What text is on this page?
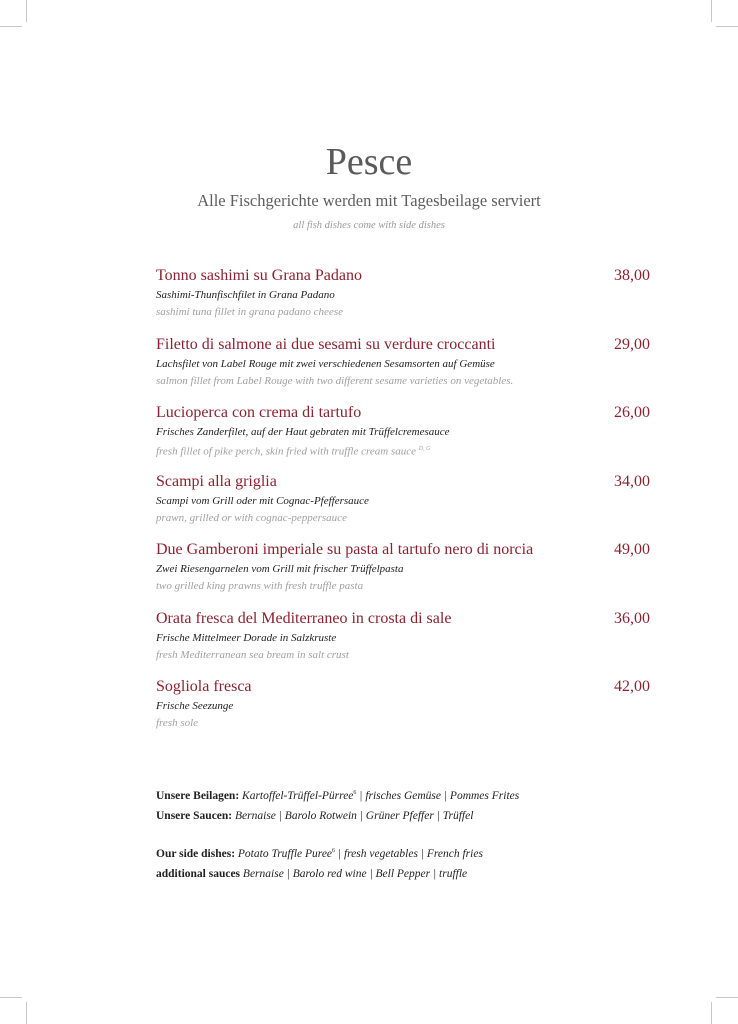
Pesce
Alle Fischgerichte werden mit Tagesbeilage serviert
all fish dishes come with side dishes
Tonno sashimi su Grana Padano	38,00
Sashimi-Thunfischfilet in Grana Padano
sashimi tuna fillet in grana padano cheese
Filetto di salmone ai due sesami su verdure croccanti	29,00
Lachsfilet von Label Rouge mit zwei verschiedenen Sesamsorten auf Gemüse
salmon fillet from Label Rouge with two different sesame varieties on vegetables.
Lucioperca con crema di tartufo	26,00
Frisches Zanderfilet, auf der Haut gebraten mit Trüffelcremesauce
fresh fillet of pike perch, skin fried with truffle cream sauce $^{D, G}$
Scampi alla griglia	34,00
Scampi vom Grill oder mit Cognac-Pfeffersauce
prawn, grilled or with cognac-peppersauce
Due Gamberoni imperiale su pasta al tartufo nero di norcia	49,00
Zwei Riesengarnelen vom Grill mit frischer Trüffelpasta
two grilled king prawns with fresh truffle pasta
Orata fresca del Mediterraneo in crosta di sale	36,00
Frische Mittelmeer Dorade in Salzkruste
fresh Mediterranean sea bream in salt crust
Sogliola fresca	42,00
Frische Seezunge
fresh sole
Unsere Beilagen: Kartoffel-Trüffel-Pürree$^6$ | frisches Gemüse | Pommes Frites
Unsere Saucen: Bernaise | Barolo Rotwein | Grüner Pfeffer | Trüffel
Our side dishes: Potato Truffle Puree$^6$ | fresh vegetables | French fries
additional sauces Bernaise | Barolo red wine | Bell Pepper | truffle
